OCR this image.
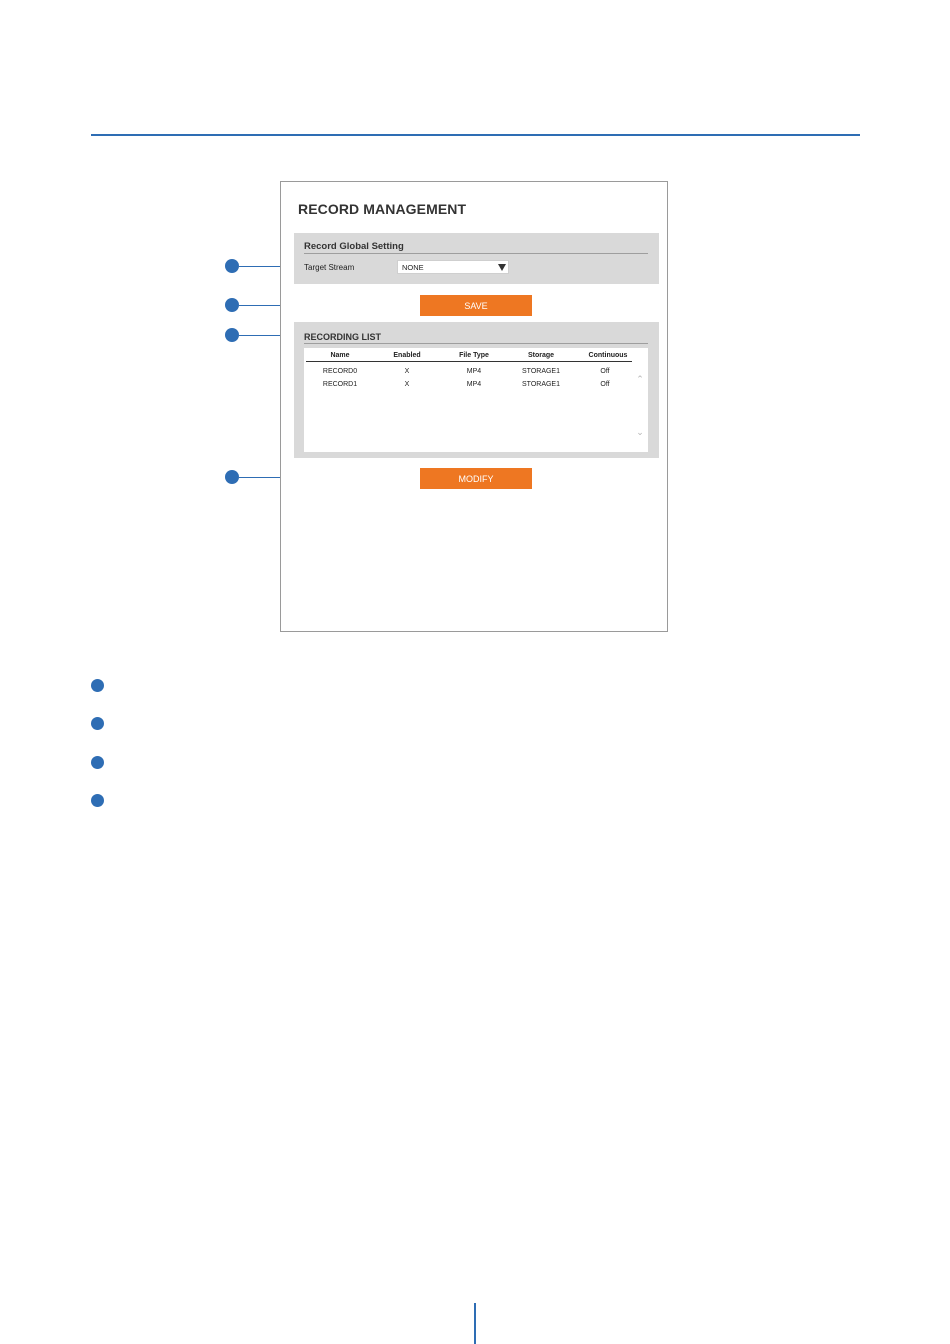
RECORD MANAGEMENT
Record Global Setting
Target Stream	NONE
SAVE
RECORDING LIST
Name	Enabled	File Type	Storage	Continuous
RECORD0	X	MP4	STORAGE1	Off
RECORD1	X	MP4	STORAGE1	Off
⌃
⌄
MODIFY
